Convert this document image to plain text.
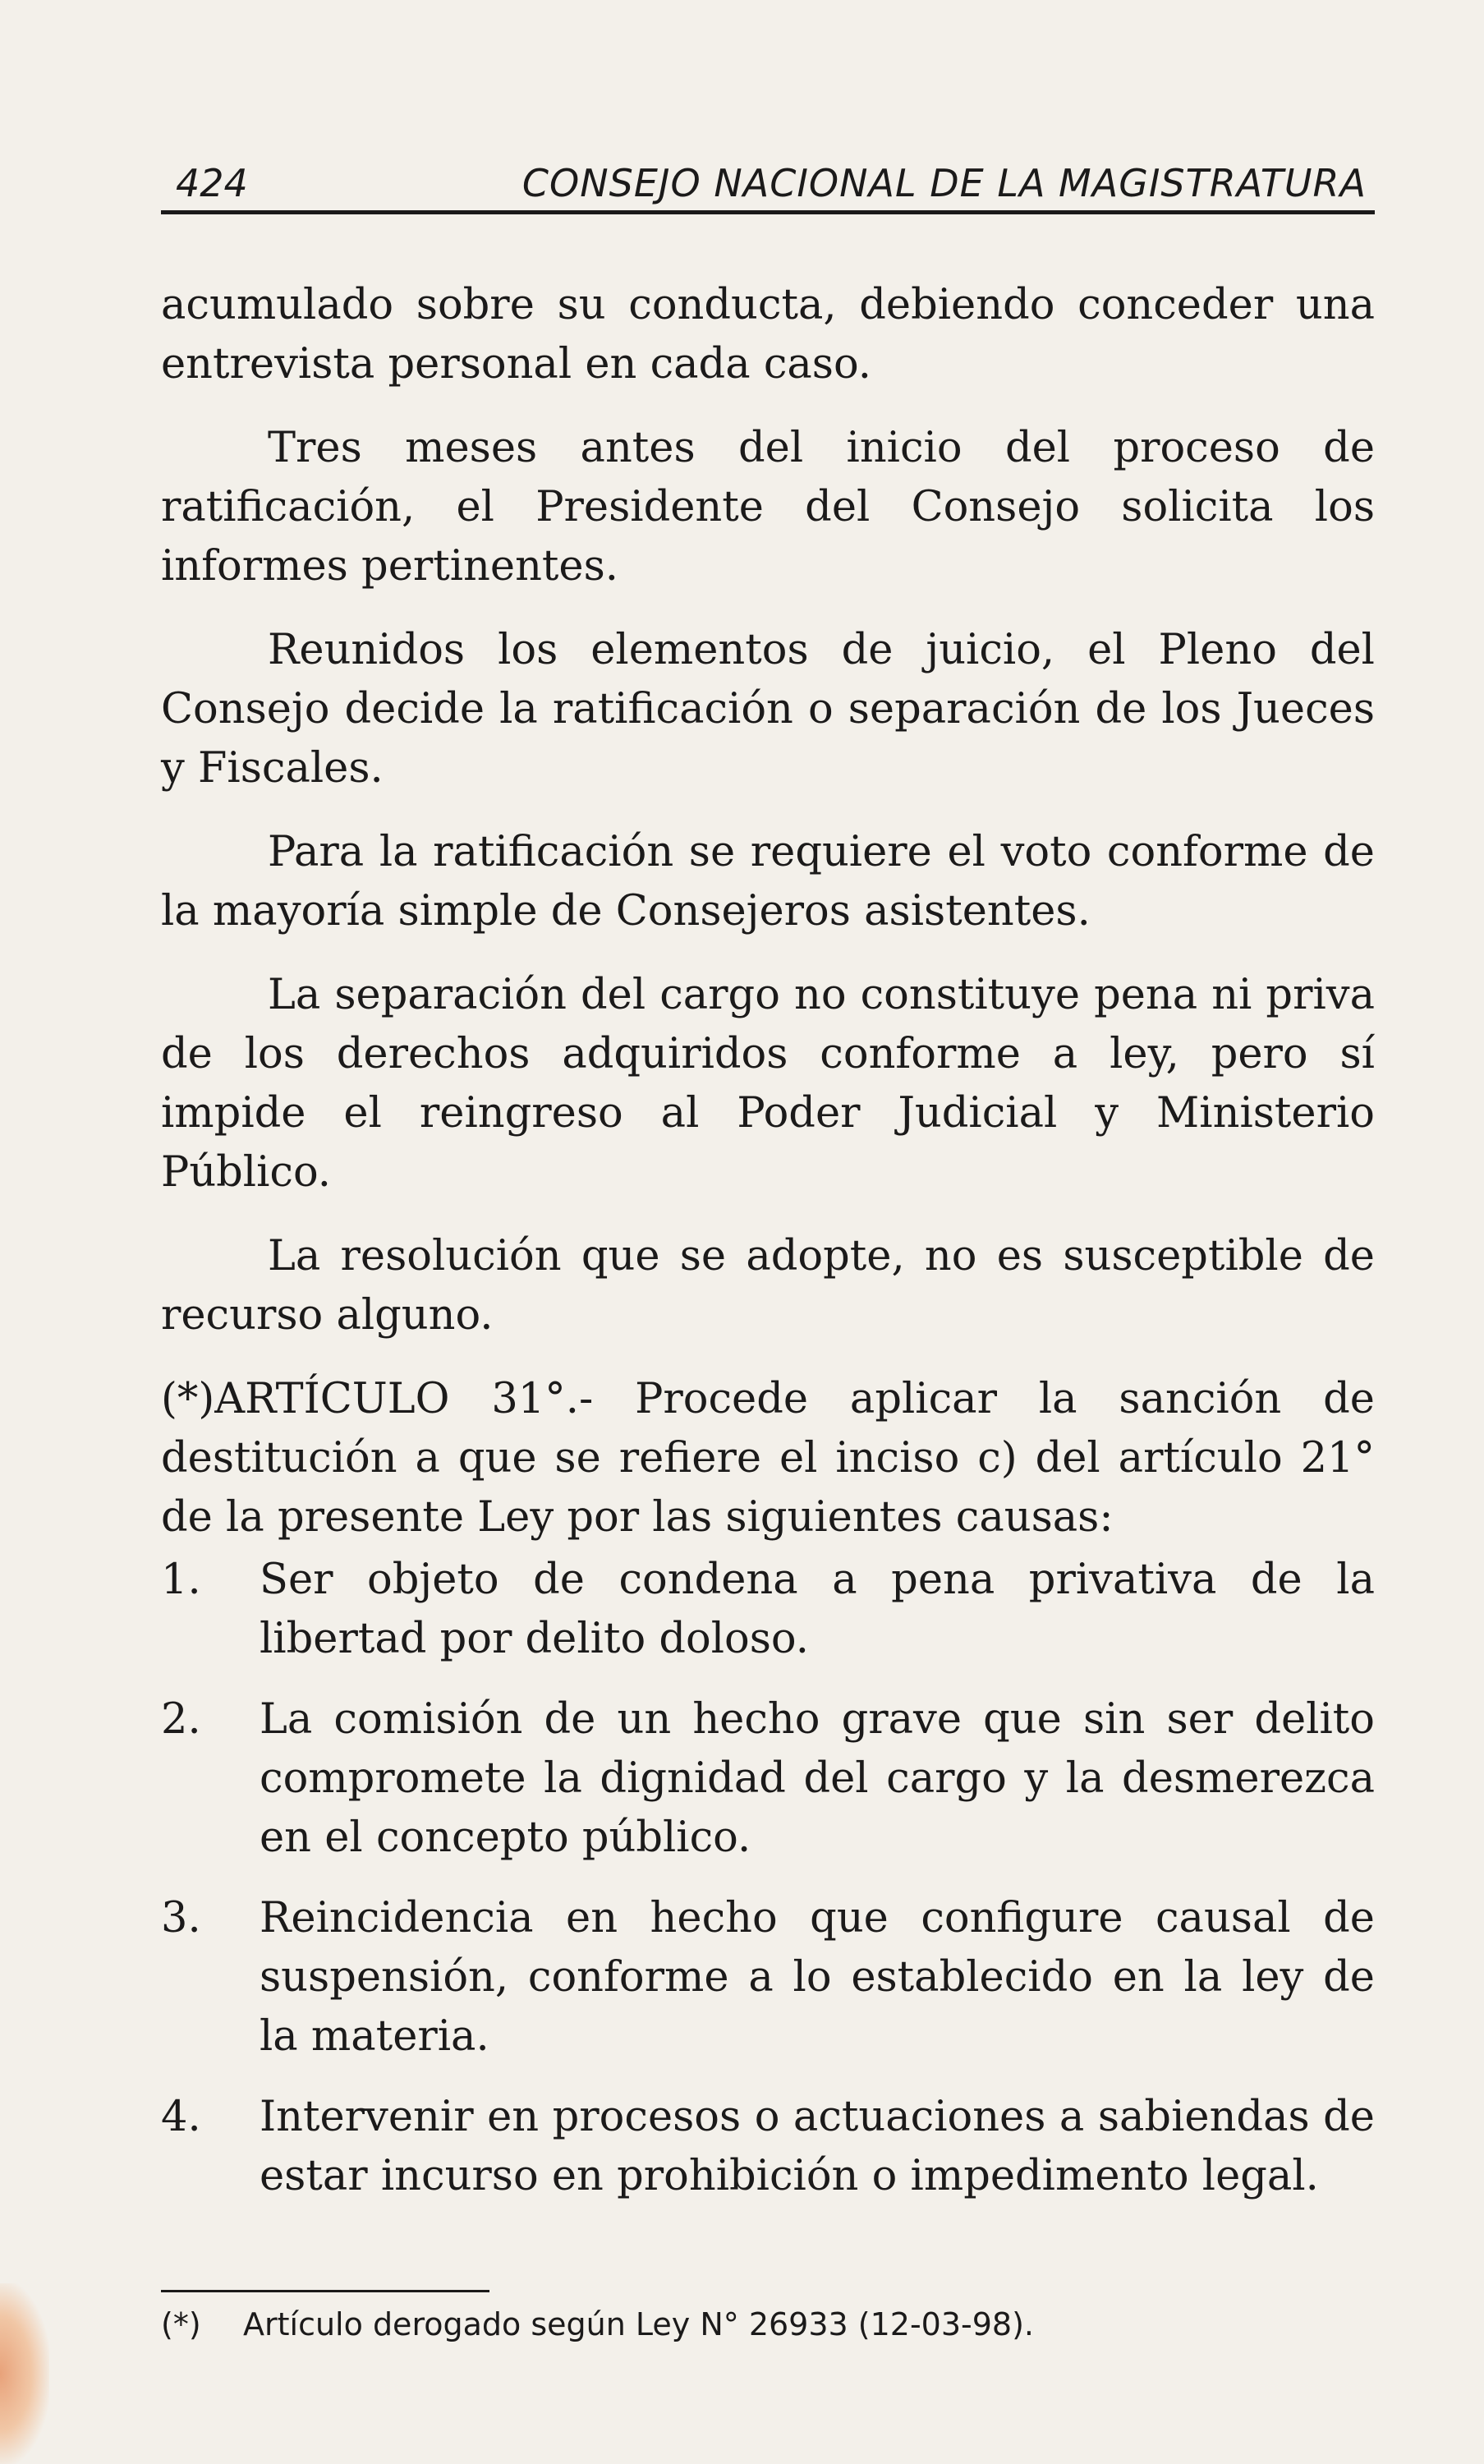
424	CONSEJO NACIONAL DE LA MAGISTRATURA

acumulado sobre su conducta, debiendo conceder una entrevista personal en cada caso.

Tres meses antes del inicio del proceso de ratificación, el Presidente del Consejo solicita los informes pertinentes.

Reunidos los elementos de juicio, el Pleno del Consejo decide la ratificación o separación de los Jueces y Fiscales.

Para la ratificación se requiere el voto conforme de la mayoría simple de Consejeros asistentes.

La separación del cargo no constituye pena ni priva de los derechos adquiridos conforme a ley, pero sí impide el reingreso al Poder Judicial y Ministerio Público.

La resolución que se adopte, no es susceptible de recurso alguno.

(*)ARTÍCULO 31°.- Procede aplicar la sanción de destitución a que se refiere el inciso c) del artículo 21° de la presente Ley por las siguientes causas:

1.	Ser objeto de condena a pena privativa de la libertad por delito doloso.
2.	La comisión de un hecho grave que sin ser delito compromete la dignidad del cargo y la desmerezca en el concepto público.
3.	Reincidencia en hecho que configure causal de suspensión, conforme a lo establecido en la ley de la materia.
4.	Intervenir en procesos o actuaciones a sabiendas de estar incurso en prohibición o impedimento legal.
(*) Artículo derogado según Ley N° 26933 (12-03-98).
